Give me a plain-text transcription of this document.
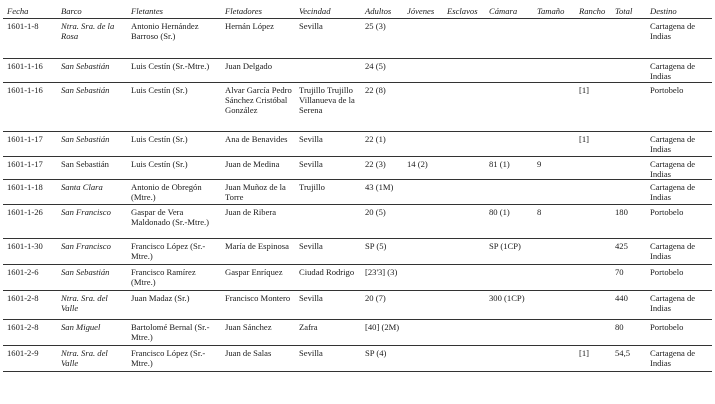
Fecha	Barco	Fletantes	Fletadores	Vecindad	Adultos	Jóvenes	Esclavos	Cámara	Tamaño	Rancho	Total	Destino
1601-1-8	Ntra. Sra. de la Rosa	Antonio Hernández Barroso (Sr.)	Hernán López	Sevilla	25 (3)							Cartagena de Indias
1601-1-16	San Sebastián	Luis Cestín (Sr.-Mtre.)	Juan Delgado		24 (5)							Cartagena de Indias
1601-1-16	San Sebastián	Luis Cestín (Sr.)	Alvar García Pedro Sánchez Cristóbal González	Trujillo Trujillo Villanueva de la Serena	22 (8)					[1]		Portobelo
1601-1-17	San Sebastián	Luis Cestín (Sr.)	Ana de Benavides	Sevilla	22 (1)					[1]		Cartagena de Indias
1601-1-17	San Sebastián	Luis Cestín (Sr.)	Juan de Medina	Sevilla	22 (3)	14 (2)		81 (1)	9			Cartagena de Indias
1601-1-18	Santa Clara	Antonio de Obregón (Mtre.)	Juan Muñoz de la Torre	Trujillo	43 (1M)							Cartagena de Indias
1601-1-26	San Francisco	Gaspar de Vera Maldonado (Sr.-Mtre.)	Juan de Ribera		20 (5)			80 (1)	8		180	Portobelo
1601-1-30	San Francisco	Francisco López (Sr.-Mtre.)	María de Espinosa	Sevilla	SP (5)			SP (1CP)			425	Cartagena de Indias
1601-2-6	San Sebastián	Francisco Ramírez (Mtre.)	Gaspar Enríquez	Ciudad Rodrigo	[23'3] (3)						70	Portobelo
1601-2-8	Ntra. Sra. del Valle	Juan Madaz (Sr.)	Francisco Montero	Sevilla	20 (7)			300 (1CP)			440	Cartagena de Indias
1601-2-8	San Miguel	Bartolomé Bernal (Sr.-Mtre.)	Juan Sánchez	Zafra	[40] (2M)						80	Portobelo
1601-2-9	Ntra. Sra. del Valle	Francisco López (Sr.-Mtre.)	Juan de Salas	Sevilla	SP (4)					[1]	54,5	Cartagena de Indias
